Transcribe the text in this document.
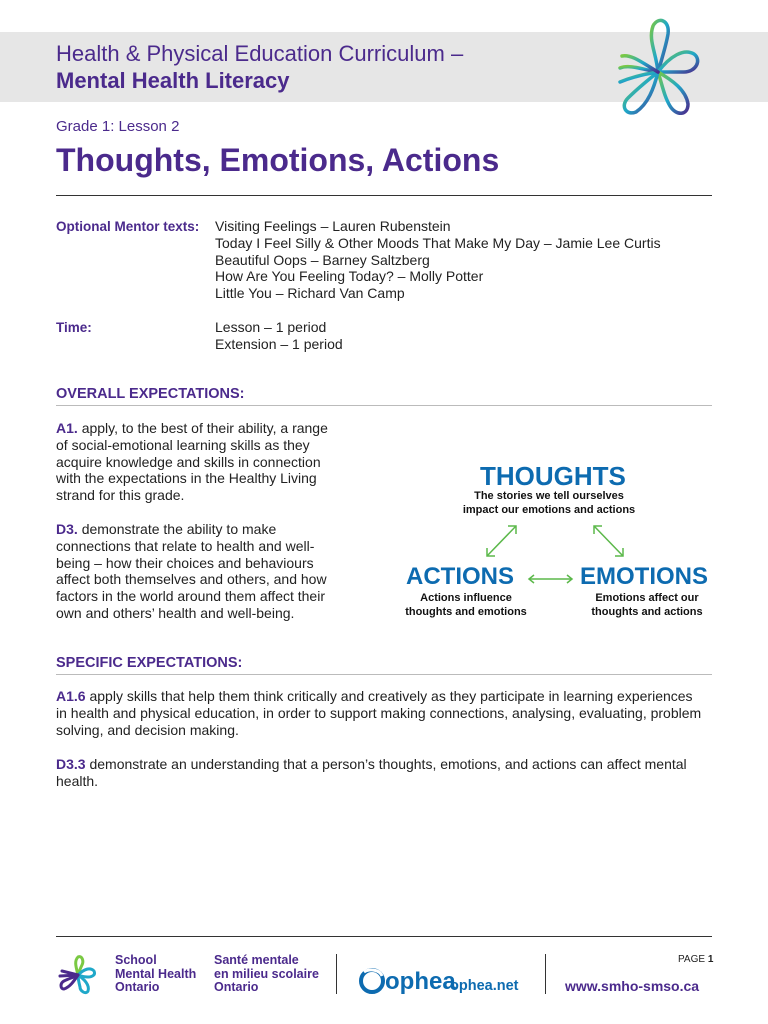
Health & Physical Education Curriculum –
Mental Health Literacy
Grade 1: Lesson 2
Thoughts, Emotions, Actions
Optional Mentor texts: Visiting Feelings – Lauren Rubenstein
Today I Feel Silly & Other Moods That Make My Day – Jamie Lee Curtis
Beautiful Oops – Barney Saltzberg
How Are You Feeling Today? – Molly Potter
Little You – Richard Van Camp
Time:	Lesson – 1 period
Extension – 1 period
OVERALL EXPECTATIONS:
A1. apply, to the best of their ability, a range of social-emotional learning skills as they acquire knowledge and skills in connection with the expectations in the Healthy Living strand for this grade.
D3. demonstrate the ability to make connections that relate to health and well-being – how their choices and behaviours affect both themselves and others, and how factors in the world around them affect their own and others’ health and well-being.
THOUGHTS
The stories we tell ourselves
impact our emotions and actions
ACTIONS
Actions influence
thoughts and emotions
EMOTIONS
Emotions affect our
thoughts and actions
SPECIFIC EXPECTATIONS:
A1.6 apply skills that help them think critically and creatively as they participate in learning experiences in health and physical education, in order to support making connections, analysing, evaluating, problem solving, and decision making.
D3.3 demonstrate an understanding that a person’s thoughts, emotions, and actions can affect mental health.
School
Mental Health
Ontario
Santé mentale
en milieu scolaire
Ontario	ophea
ophea.net
PAGE 1
www.smho-smso.ca
